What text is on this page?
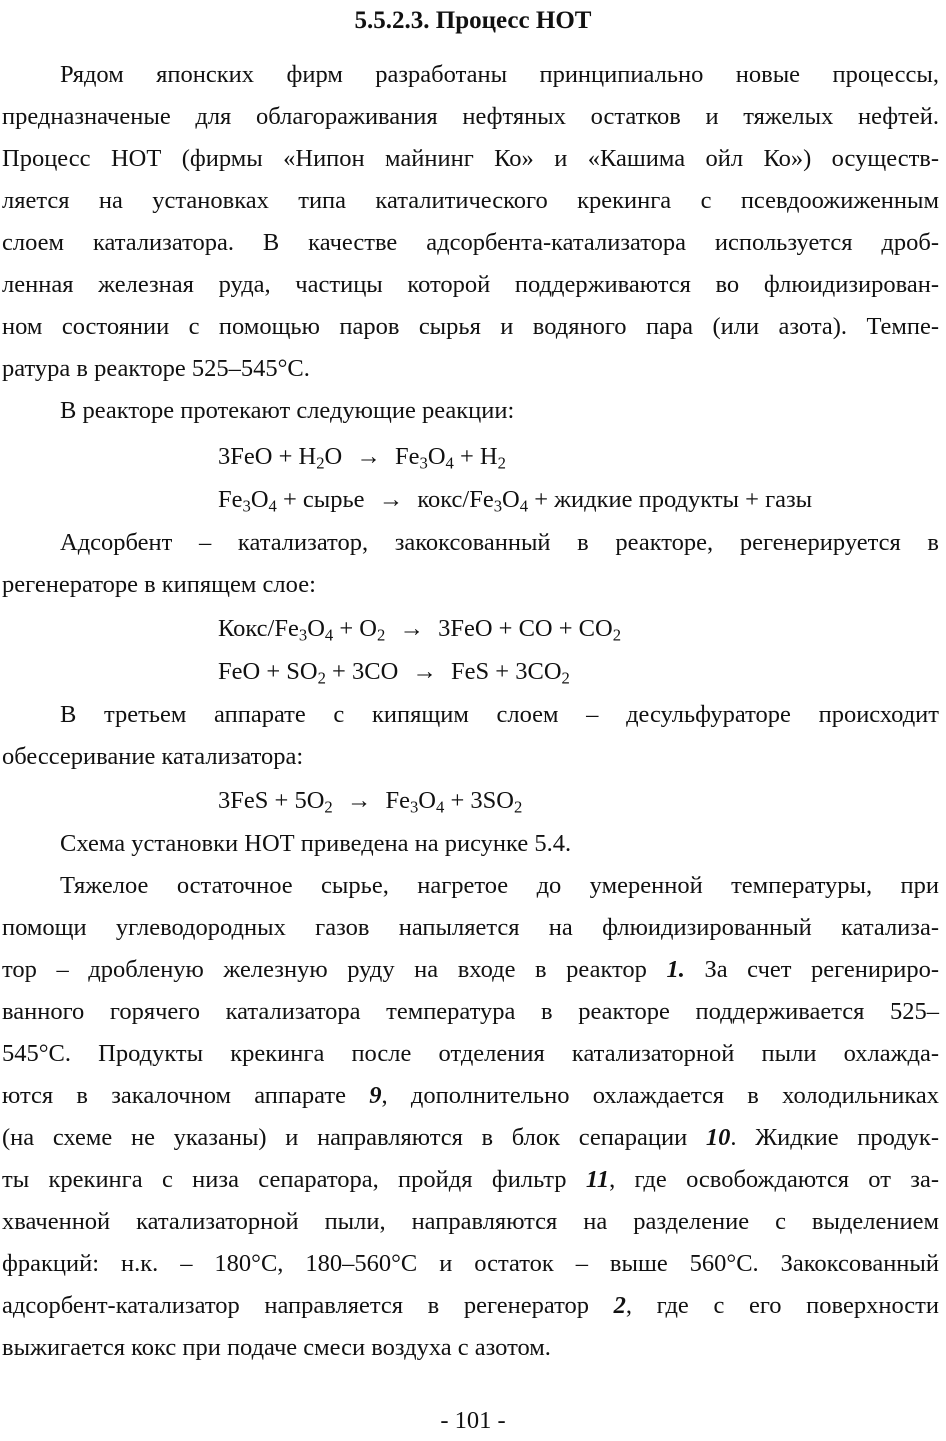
5.5.2.3. Процесс НОТ
Рядом японских фирм разработаны принципиально новые процессы,
предназначеные для облагораживания нефтяных остатков и тяжелых нефтей.
Процесс НОТ (фирмы «Нипон майнинг Ко» и «Кашима ойл Ко») осуществ-
ляется на установках типа каталитического крекинга с псевдоожиженным
слоем катализатора. В качестве адсорбента-катализатора используется дроб-
ленная железная руда, частицы которой поддерживаются во флюидизирован-
ном состоянии с помощью паров сырья и водяного пара (или азота). Темпе-
ратура в реакторе 525–545°С.
В реакторе протекают следующие реакции:
$3FeO + H_2O \to Fe_3O_4 + H_2$
$Fe_3O_4$ + сырье → кокс/$Fe_3O_4$ + жидкие продукты + газы
Адсорбент – катализатор, закоксованный в реакторе, регенерируется в
регенераторе в кипящем слое:
Кокс/$Fe_3O_4 + O_2 \to 3FeO$ + CO + $CO_2$
FeO + $SO_2 + 3CO$ → FeS + $3CO_2$
В третьем аппарате с кипящим слоем – десульфураторе происходит
обессеривание катализатора:
$3FeS + 5O_2 \to Fe_3O_4 + 3SO_2$
Схема установки НОТ приведена на рисунке 5.4.
Тяжелое остаточное сырье, нагретое до умеренной температуры, при
помощи углеводородных газов напыляется на флюидизированный катализа-
тор – дробленую железную руду на входе в реактор 1. За счет регенириро-
ванного горячего катализатора температура в реакторе поддерживается 525–
545°С. Продукты крекинга после отделения катализаторной пыли охлажда-
ются в закалочном аппарате 9, дополнительно охлаждается в холодильниках
(на схеме не указаны) и направляются в блок сепарации 10. Жидкие продук-
ты крекинга с низа сепаратора, пройдя фильтр 11, где освобождаются от за-
хваченной катализаторной пыли, направляются на разделение с выделением
фракций: н.к. – 180°С, 180–560°С и остаток – выше 560°С. Закоксованный
адсорбент-катализатор направляется в регенератор 2, где с его поверхности
выжигается кокс при подаче смеси воздуха с азотом.
- 101 -
